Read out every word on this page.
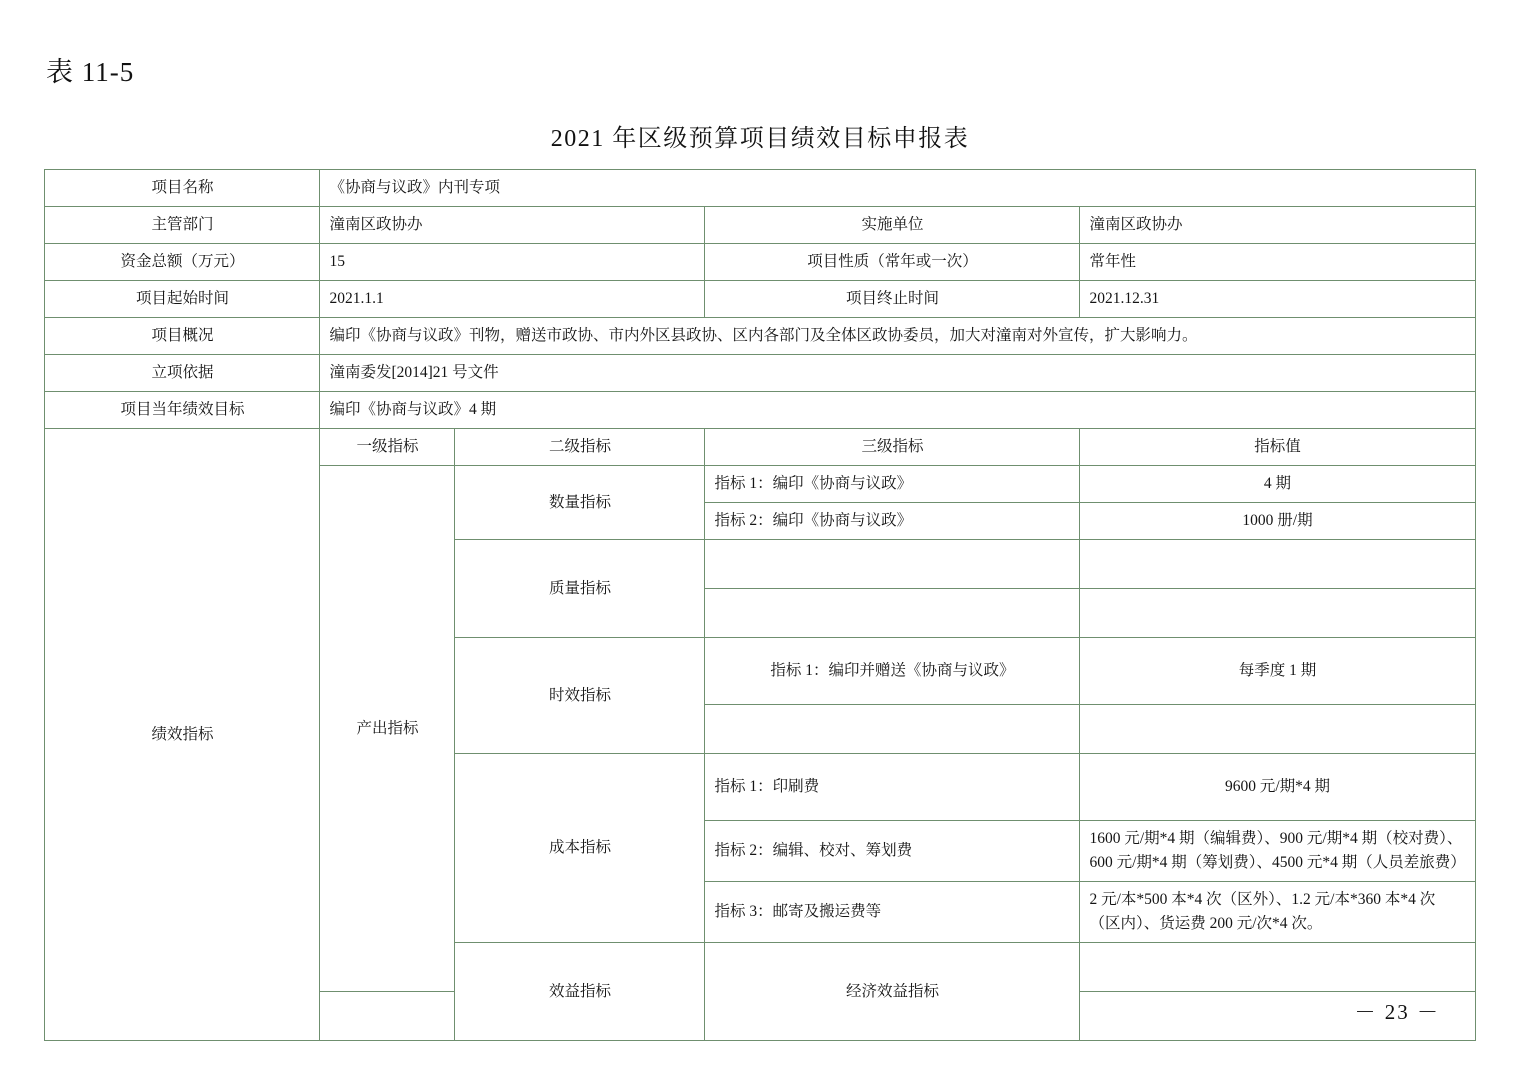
表 11-5
2021 年区级预算项目绩效目标申报表
项目名称	《协商与议政》内刊专项				
主管部门	潼南区政协办		实施单位	潼南区政协办	
资金总额（万元）	15		项目性质（常年或一次）	常年性	
项目起始时间	2021.1.1		项目终止时间	2021.12.31	
项目概况	编印《协商与议政》刊物，赠送市政协、市内外区县政协、区内各部门及全体区政协委员，加大对潼南对外宣传，扩大影响力。				
立项依据	潼南委发[2014]21 号文件				
项目当年绩效目标	编印《协商与议政》4 期				
绩效指标	一级指标	二级指标	三级指标	指标值	
	产出指标	数量指标	指标 1：编印《协商与议政》	4 期	
			指标 2：编印《协商与议政》	1000 册/期	
		质量指标			

		时效指标	指标 1：编印并赠送《协商与议政》	每季度 1 期	

		成本指标	指标 1：印刷费	9600 元/期*4 期	
			指标 2：编辑、校对、筹划费	1600 元/期*4 期（编辑费）、900 元/期*4 期（校对费）、600 元/期*4 期（筹划费）、4500 元*4 期（人员差旅费）	
			指标 3：邮寄及搬运费等	2 元/本*500 本*4 次（区外）、1.2 元/本*360 本*4 次（区内）、货运费 200 元/次*4 次。	
		效益指标	经济效益指标		

－ 23 －
